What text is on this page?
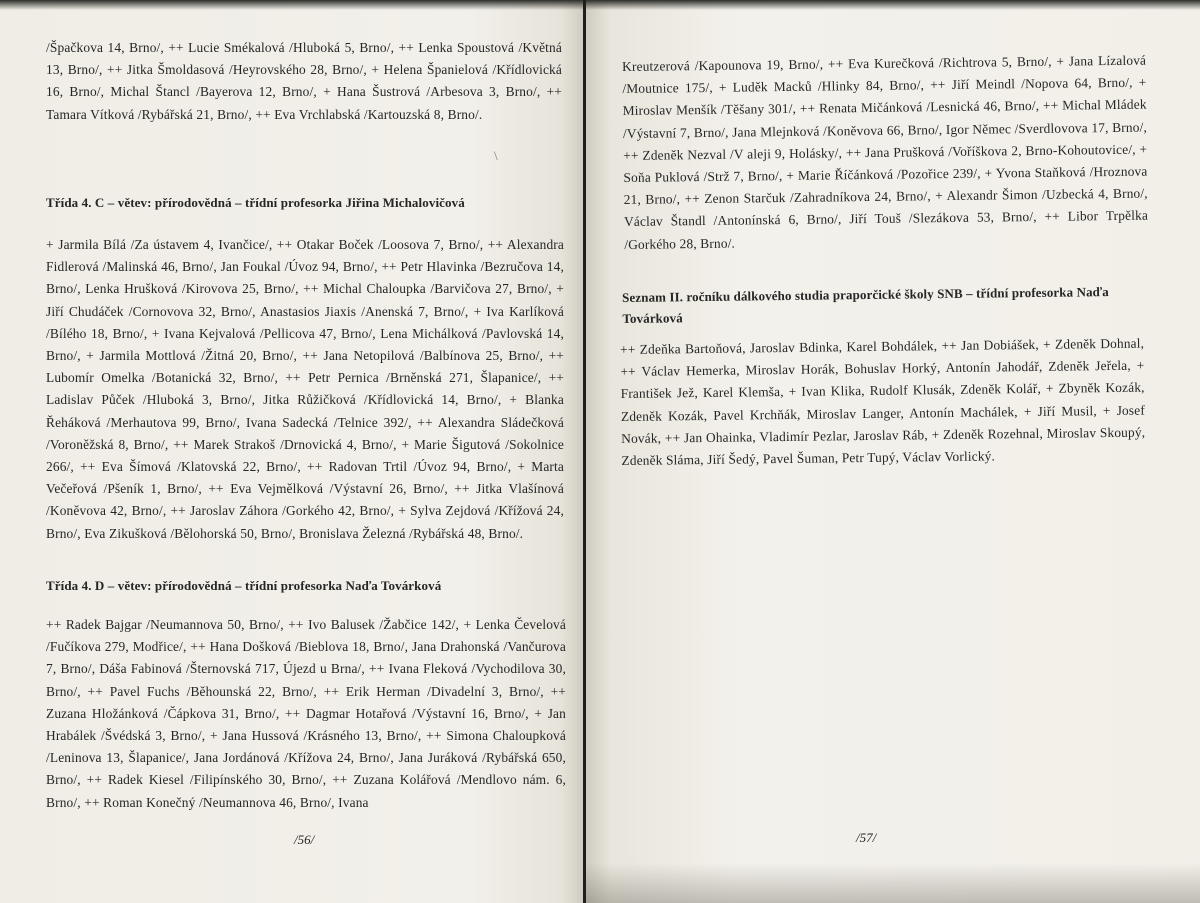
/Špačkova 14, Brno/, ++ Lucie Smékalová /Hluboká 5, Brno/, ++ Lenka Spoustová /Květná 13, Brno/, ++ Jitka Šmoldasová /Heyrovského 28, Brno/, + Helena Španielová /Křídlovická 16, Brno/, Michal Štancl /Bayerova 12, Brno/, + Hana Šustrová /Arbesova 3, Brno/, ++ Tamara Vítková /Rybářská 21, Brno/, ++ Eva Vrchlabská /Kartouzská 8, Brno/.

\

Třída 4. C – větev: přírodovědná – třídní profesorka Jiřina Michalovičová

+ Jarmila Bílá /Za ústavem 4, Ivančice/, ++ Otakar Boček /Loosova 7, Brno/, ++ Alexandra Fidlerová /Malinská 46, Brno/, Jan Foukal /Úvoz 94, Brno/, ++ Petr Hlavinka /Bezručova 14, Brno/, Lenka Hrušková /Kirovova 25, Brno/, ++ Michal Chaloupka /Barvičova 27, Brno/, + Jiří Chudáček /Cornovova 32, Brno/, Anastasios Jiaxis /Anenská 7, Brno/, + Iva Karlíková /Bílého 18, Brno/, + Ivana Kejvalová /Pellicova 47, Brno/, Lena Michálková /Pavlovská 14, Brno/, + Jarmila Mottlová /Žitná 20, Brno/, ++ Jana Netopilová /Balbínova 25, Brno/, ++ Lubomír Omelka /Botanická 32, Brno/, ++ Petr Pernica /Brněnská 271, Šlapanice/, ++ Ladislav Půček /Hluboká 3, Brno/, Jitka Růžičková /Křídlovická 14, Brno/, + Blanka Řeháková /Merhautova 99, Brno/, Ivana Sadecká /Telnice 392/, ++ Alexandra Sládečková /Voroněžská 8, Brno/, ++ Marek Strakoš /Drnovická 4, Brno/, + Marie Šigutová /Sokolnice 266/, ++ Eva Šímová /Klatovská 22, Brno/, ++ Radovan Trtil /Úvoz 94, Brno/, + Marta Večeřová /Pšeník 1, Brno/, ++ Eva Vejmělková /Výstavní 26, Brno/, ++ Jitka Vlašínová /Koněvova 42, Brno/, ++ Jaroslav Záhora /Gorkého 42, Brno/, + Sylva Zejdová /Křížová 24, Brno/, Eva Zikušková /Bělohorská 50, Brno/, Bronislava Železná /Rybářská 48, Brno/.

Třída 4. D – větev: přírodovědná – třídní profesorka Naďa Továrková

++ Radek Bajgar /Neumannova 50, Brno/, ++ Ivo Balusek /Žabčice 142/, + Lenka Čevelová /Fučíkova 279, Modřice/, ++ Hana Došková /Bieblova 18, Brno/, Jana Drahonská /Vančurova 7, Brno/, Dáša Fabinová /Šternovská 717, Újezd u Brna/, ++ Ivana Fleková /Vychodilova 30, Brno/, ++ Pavel Fuchs /Běhounská 22, Brno/, ++ Erik Herman /Divadelní 3, Brno/, ++ Zuzana Hložánková /Čápkova 31, Brno/, ++ Dagmar Hotařová /Výstavní 16, Brno/, + Jan Hrabálek /Švédská 3, Brno/, + Jana Hussová /Krásného 13, Brno/, ++ Simona Chaloupková /Leninova 13, Šlapanice/, Jana Jordánová /Křížova 24, Brno/, Jana Juráková /Rybářská 650, Brno/, ++ Radek Kiesel /Filipínského 30, Brno/, ++ Zuzana Kolářová /Mendlovo nám. 6, Brno/, ++ Roman Konečný /Neumannova 46, Brno/, Ivana

/56/

Kreutzerová /Kapounova 19, Brno/, ++ Eva Kurečková /Richtrova 5, Brno/, + Jana Lízalová /Moutnice 175/, + Luděk Macků /Hlinky 84, Brno/, ++ Jiří Meindl /Nopova 64, Brno/, + Miroslav Menšík /Těšany 301/, ++ Renata Mičánková /Lesnická 46, Brno/, ++ Michal Mládek /Výstavní 7, Brno/, Jana Mlejnková /Koněvova 66, Brno/, Igor Němec /Sverdlovova 17, Brno/, ++ Zdeněk Nezval /V aleji 9, Holásky/, ++ Jana Prušková /Voříškova 2, Brno-Kohoutovice/, + Soňa Puklová /Strž 7, Brno/, + Marie Říčánková /Pozořice 239/, + Yvona Staňková /Hroznova 21, Brno/, ++ Zenon Starčuk /Zahradníkova 24, Brno/, + Alexandr Šimon /Uzbecká 4, Brno/, Václav Štandl /Antonínská 6, Brno/, Jiří Touš /Slezákova 53, Brno/, ++ Libor Trpělka /Gorkého 28, Brno/.

Seznam II. ročníku dálkového studia praporčické školy SNB – třídní profesorka Naďa Továrková

++ Zdeňka Bartoňová, Jaroslav Bdinka, Karel Bohdálek, ++ Jan Dobiášek, + Zdeněk Dohnal, ++ Václav Hemerka, Miroslav Horák, Bohuslav Horký, Antonín Jahodář, Zdeněk Jeřela, + František Jež, Karel Klemša, + Ivan Klika, Rudolf Klusák, Zdeněk Kolář, + Zbyněk Kozák, Zdeněk Kozák, Pavel Krchňák, Miroslav Langer, Antonín Machálek, + Jiří Musil, + Josef Novák, ++ Jan Ohainka, Vladimír Pezlar, Jaroslav Ráb, + Zdeněk Rozehnal, Miroslav Skoupý, Zdeněk Sláma, Jiří Šedý, Pavel Šuman, Petr Tupý, Václav Vorlický.

/57/
